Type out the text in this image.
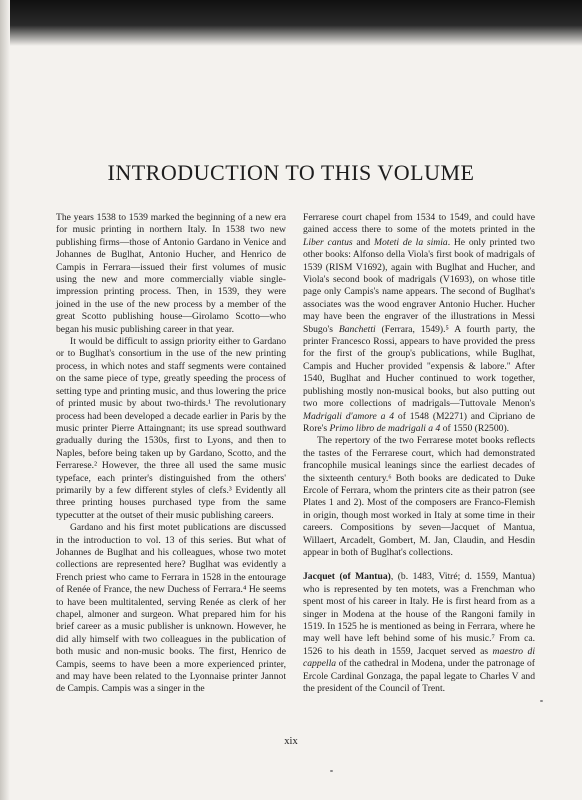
INTRODUCTION TO THIS VOLUME

The years 1538 to 1539 marked the beginning of a new era for music printing in northern Italy. In 1538 two new publishing firms—those of Antonio Gardano in Venice and Johannes de Buglhat, Antonio Hucher, and Henrico de Campis in Ferrara—issued their first volumes of music using the new and more commercially viable single-impression printing process. Then, in 1539, they were joined in the use of the new process by a member of the great Scotto publishing house—Girolamo Scotto—who began his music publishing career in that year.

It would be difficult to assign priority either to Gardano or to Buglhat's consortium in the use of the new printing process, in which notes and staff segments were contained on the same piece of type, greatly speeding the process of setting type and printing music, and thus lowering the price of printed music by about two-thirds.¹ The revolutionary process had been developed a decade earlier in Paris by the music printer Pierre Attaingnant; its use spread southward gradually during the 1530s, first to Lyons, and then to Naples, before being taken up by Gardano, Scotto, and the Ferrarese.² However, the three all used the same music typeface, each printer's distinguished from the others' primarily by a few different styles of clefs.³ Evidently all three printing houses purchased type from the same typecutter at the outset of their music publishing careers.

Gardano and his first motet publications are discussed in the introduction to vol. 13 of this series. But what of Johannes de Buglhat and his colleagues, whose two motet collections are represented here? Buglhat was evidently a French priest who came to Ferrara in 1528 in the entourage of Renée of France, the new Duchess of Ferrara.⁴ He seems to have been multitalented, serving Renée as clerk of her chapel, almoner and surgeon. What prepared him for his brief career as a music publisher is unknown. However, he did ally himself with two colleagues in the publication of both music and non-music books. The first, Henrico de Campis, seems to have been a more experienced printer, and may have been related to the Lyonnaise printer Jannot de Campis. Campis was a singer in the

Ferrarese court chapel from 1534 to 1549, and could have gained access there to some of the motets printed in the Liber cantus and Moteti de la simia. He only printed two other books: Alfonso della Viola's first book of madrigals of 1539 (RISM V1692), again with Buglhat and Hucher, and Viola's second book of madrigals (V1693), on whose title page only Campis's name appears. The second of Buglhat's associates was the wood engraver Antonio Hucher. Hucher may have been the engraver of the illustrations in Messi Sbugo's Banchetti (Ferrara, 1549).⁵ A fourth party, the printer Francesco Rossi, appears to have provided the press for the first of the group's publications, while Buglhat, Campis and Hucher provided "expensis & labore." After 1540, Buglhat and Hucher continued to work together, publishing mostly non-musical books, but also putting out two more collections of madrigals—Tuttovale Menon's Madrigali d'amore a 4 of 1548 (M2271) and Cipriano de Rore's Primo libro de madrigali a 4 of 1550 (R2500).

The repertory of the two Ferrarese motet books reflects the tastes of the Ferrarese court, which had demonstrated francophile musical leanings since the earliest decades of the sixteenth century.⁶ Both books are dedicated to Duke Ercole of Ferrara, whom the printers cite as their patron (see Plates 1 and 2). Most of the composers are Franco-Flemish in origin, though most worked in Italy at some time in their careers. Compositions by seven—Jacquet of Mantua, Willaert, Arcadelt, Gombert, M. Jan, Claudin, and Hesdin appear in both of Buglhat's collections.

Jacquet (of Mantua), (b. 1483, Vitré; d. 1559, Mantua) who is represented by ten motets, was a Frenchman who spent most of his career in Italy. He is first heard from as a singer in Modena at the house of the Rangoni family in 1519. In 1525 he is mentioned as being in Ferrara, where he may well have left behind some of his music.⁷ From ca. 1526 to his death in 1559, Jacquet served as maestro di cappella of the cathedral in Modena, under the patronage of Ercole Cardinal Gonzaga, the papal legate to Charles V and the president of the Council of Trent.

xix
